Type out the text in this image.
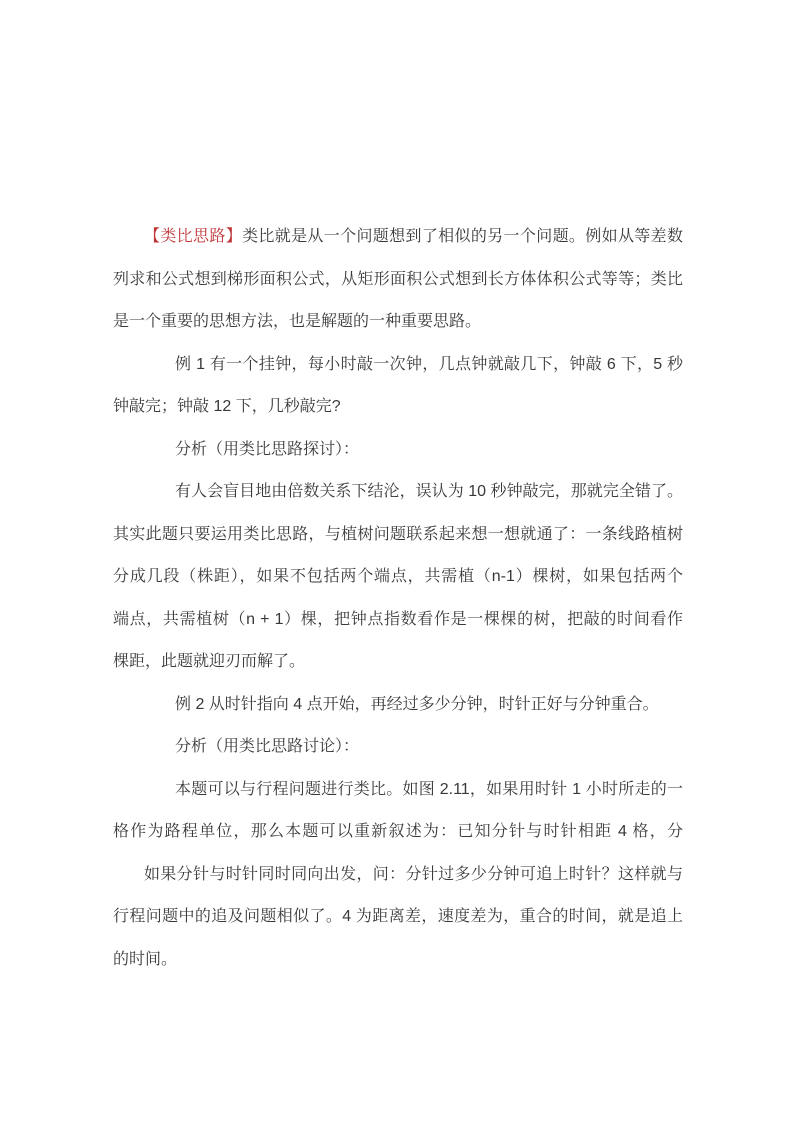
【类比思路】类比就是从一个问题想到了相似的另一个问题。例如从等差数
列求和公式想到梯形面积公式，从矩形面积公式想到长方体体积公式等等；类比
是一个重要的思想方法，也是解题的一种重要思路。
例 1 有一个挂钟，每小时敲一次钟，几点钟就敲几下，钟敲 6 下，5 秒
钟敲完；钟敲 12 下，几秒敲完?
分析（用类比思路探讨）：
有人会盲目地由倍数关系下结沦，误认为 10 秒钟敲完，那就完全错了。
其实此题只要运用类比思路，与植树问题联系起来想一想就通了：一条线路植树
分成几段（株距），如果不包括两个端点，共需植（n-1）棵树，如果包括两个
端点，共需植树（n + 1）棵，把钟点指数看作是一棵棵的树，把敲的时间看作
棵距，此题就迎刃而解了。
例 2 从时针指向 4 点开始，再经过多少分钟，时针正好与分钟重合。
分析（用类比思路讨论）：
本题可以与行程问题进行类比。如图 2.11，如果用时针 1 小时所走的一
格作为路程单位，那么本题可以重新叙述为：已知分针与时针相距 4 格，分
如果分针与时针同时同向出发，问：分针过多少分钟可追上时针？这样就与
行程问题中的追及问题相似了。4 为距离差，速度差为，重合的时间，就是追上
的时间。
